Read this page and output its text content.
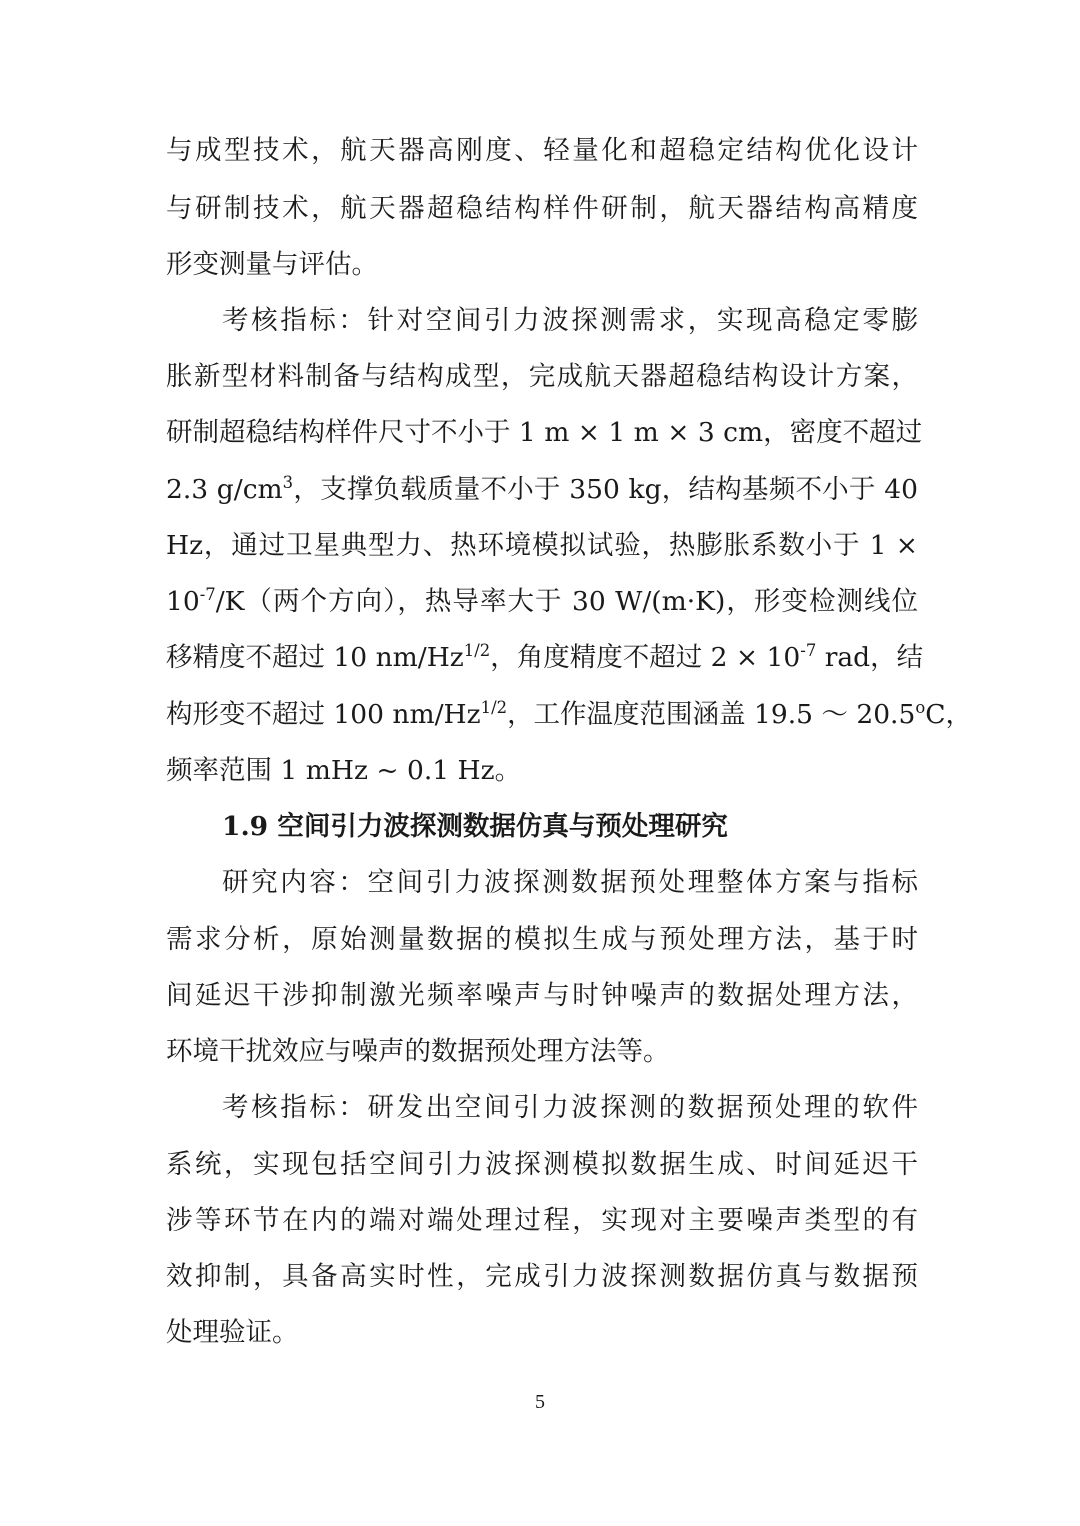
与成型技术，航天器高刚度、轻量化和超稳定结构优化设计
与研制技术，航天器超稳结构样件研制，航天器结构高精度
形变测量与评估。
考核指标：针对空间引力波探测需求，实现高稳定零膨
胀新型材料制备与结构成型，完成航天器超稳结构设计方案，
研制超稳结构样件尺寸不小于 1 m × 1 m × 3 cm，密度不超过
2.3 $g/cm^3$，支撑负载质量不小于 350 kg，结构基频不小于 40
Hz，通过卫星典型力、热环境模拟试验，热膨胀系数小于 1 ×
$10^{-7}/K$（两个方向），热导率大于 30 W/(m·K)，形变检测线位
移精度不超过 10 $nm/Hz^{1/2}$，角度精度不超过 $2 \times 10^{-7}$ rad，结
构形变不超过 100 $nm/Hz^{1/2}$，工作温度范围涵盖 19.5 ～ 20.5$^o$C，
频率范围 1 mHz ~ 0.1 Hz。
1.9 空间引力波探测数据仿真与预处理研究
研究内容：空间引力波探测数据预处理整体方案与指标
需求分析，原始测量数据的模拟生成与预处理方法，基于时
间延迟干涉抑制激光频率噪声与时钟噪声的数据处理方法，
环境干扰效应与噪声的数据预处理方法等。
考核指标：研发出空间引力波探测的数据预处理的软件
系统，实现包括空间引力波探测模拟数据生成、时间延迟干
涉等环节在内的端对端处理过程，实现对主要噪声类型的有
效抑制，具备高实时性，完成引力波探测数据仿真与数据预
处理验证。
5
